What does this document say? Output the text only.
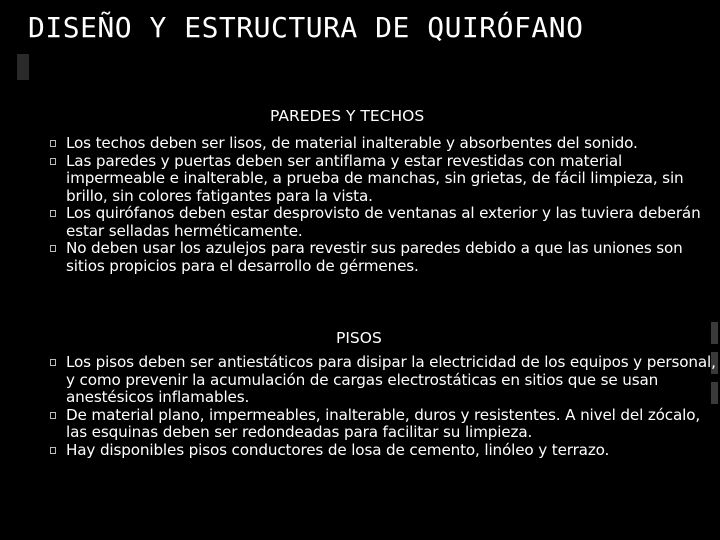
DISEÑO Y ESTRUCTURA DE QUIRÓFANO
PAREDES Y TECHOS
Los techos deben ser lisos, de material inalterable y absorbentes del sonido.
Las paredes y puertas deben ser antiflama y estar revestidas con material impermeable e inalterable, a prueba de manchas, sin grietas, de fácil limpieza, sin brillo, sin colores fatigantes para la vista.
Los quirófanos deben estar desprovisto de ventanas al exterior y las tuviera deberán estar selladas herméticamente.
No deben usar los azulejos para revestir sus paredes debido a que las uniones son sitios propicios para el desarrollo de gérmenes.
PISOS
Los pisos deben ser antiestáticos para disipar la electricidad de los equipos y personal, y como prevenir la acumulación de cargas electrostáticas en sitios que se usan anestésicos inflamables.
De material plano, impermeables, inalterable, duros y resistentes. A nivel del zócalo, las esquinas deben ser redondeadas para facilitar su limpieza.
Hay disponibles pisos conductores de losa de cemento, linóleo y terrazo.
